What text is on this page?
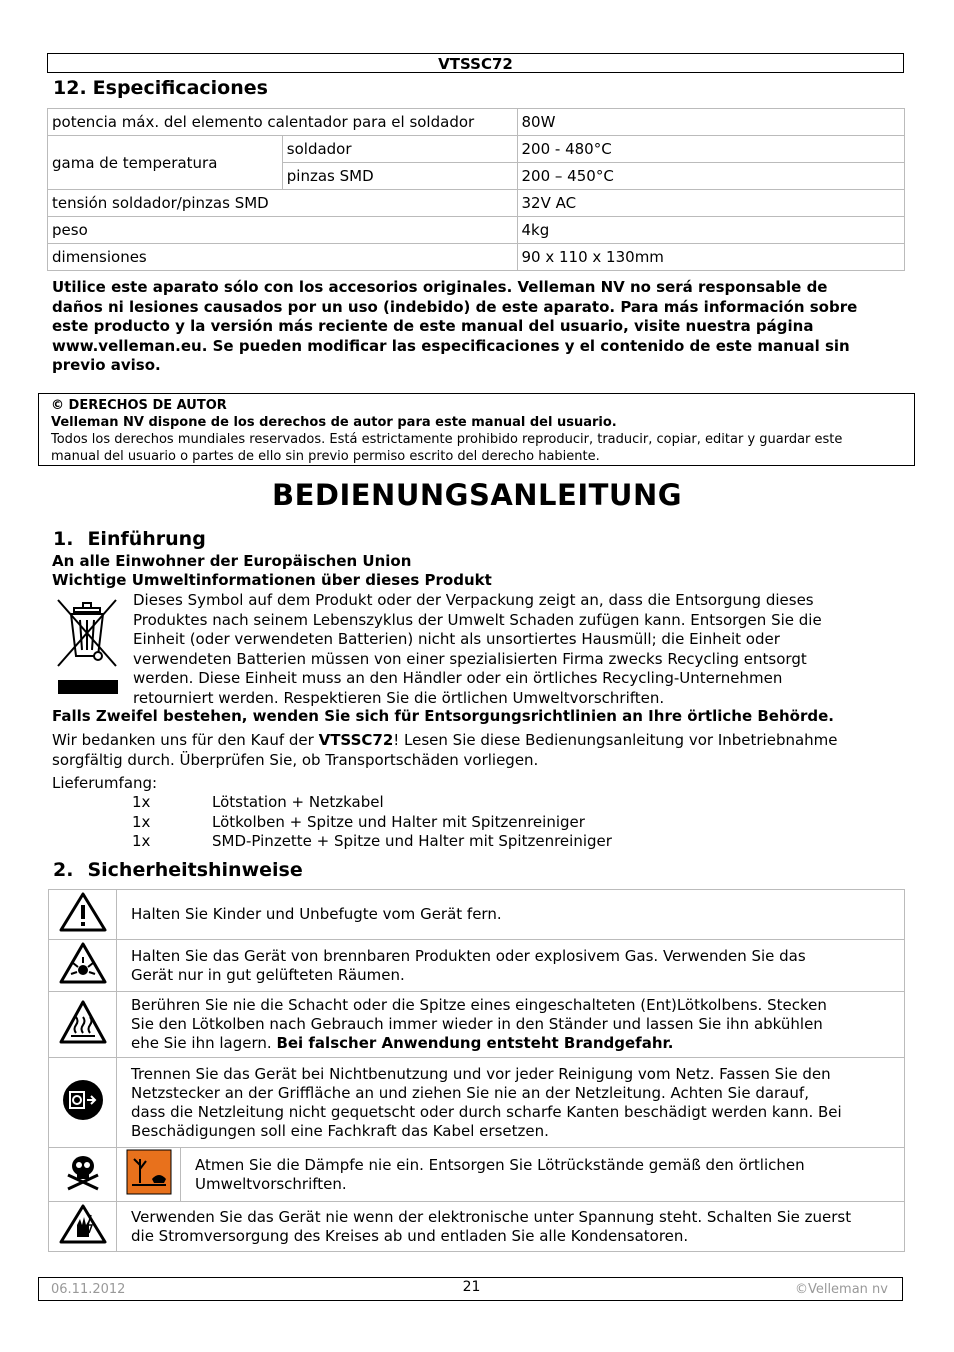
VTSSC72
12. Especificaciones
potencia máx. del elemento calentador para el soldador		80W
gama de temperatura	soldador	200 - 480°C
	pinzas SMD	200 – 450°C
tensión soldador/pinzas SMD		32V AC
peso		4kg
dimensiones		90 x 110 x 130mm
Utilice este aparato sólo con los accesorios originales. Velleman NV no será responsable de
daños ni lesiones causados por un uso (indebido) de este aparato. Para más información sobre
este producto y la versión más reciente de este manual del usuario, visite nuestra página
www.velleman.eu. Se pueden modificar las especificaciones y el contenido de este manual sin
previo aviso.
© DERECHOS DE AUTOR
Velleman NV dispone de los derechos de autor para este manual del usuario.
Todos los derechos mundiales reservados. Está estrictamente prohibido reproducir, traducir, copiar, editar y guardar este
manual del usuario o partes de ello sin previo permiso escrito del derecho habiente.
BEDIENUNGSANLEITUNG
1. Einführung
An alle Einwohner der Europäischen Union
Wichtige Umweltinformationen über dieses Produkt
Dieses Symbol auf dem Produkt oder der Verpackung zeigt an, dass die Entsorgung dieses
Produktes nach seinem Lebenszyklus der Umwelt Schaden zufügen kann. Entsorgen Sie die
Einheit (oder verwendeten Batterien) nicht als unsortiertes Hausmüll; die Einheit oder
verwendeten Batterien müssen von einer spezialisierten Firma zwecks Recycling entsorgt
werden. Diese Einheit muss an den Händler oder ein örtliches Recycling-Unternehmen
retourniert werden. Respektieren Sie die örtlichen Umweltvorschriften.
Falls Zweifel bestehen, wenden Sie sich für Entsorgungsrichtlinien an Ihre örtliche Behörde.
Wir bedanken uns für den Kauf der VTSSC72! Lesen Sie diese Bedienungsanleitung vor Inbetriebnahme
sorgfältig durch. Überprüfen Sie, ob Transportschäden vorliegen.
Lieferumfang:
1x	Lötstation + Netzkabel
1x	Lötkolben + Spitze und Halter mit Spitzenreiniger
1x	SMD-Pinzette + Spitze und Halter mit Spitzenreiniger
2. Sicherheitshinweise
	Halten Sie Kinder und Unbefugte vom Gerät fern.	

Halten Sie das Gerät von brennbaren Produkten oder explosivem Gas. Verwenden Sie das
Gerät nur in gut gelüfteten Räumen.	

Berühren Sie nie die Schacht oder die Spitze eines eingeschalteten (Ent)Lötkolbens. Stecken
Sie den Lötkolben nach Gebrauch immer wieder in den Ständer und lassen Sie ihn abkühlen
ehe Sie ihn lagern. Bei falscher Anwendung entsteht Brandgefahr.	

Trennen Sie das Gerät bei Nichtbenutzung und vor jeder Reinigung vom Netz. Fassen Sie den
Netzstecker an der Griffläche an und ziehen Sie nie an der Netzleitung. Achten Sie darauf,
dass die Netzleitung nicht gequetscht oder durch scharfe Kanten beschädigt werden kann. Bei
Beschädigungen soll eine Fachkraft das Kabel ersetzen.	

Atmen Sie die Dämpfe nie ein. Entsorgen Sie Lötrückstände gemäß den örtlichen
Umweltvorschriften.

Verwenden Sie das Gerät nie wenn der elektronische unter Spannung steht. Schalten Sie zuerst
die Stromversorgung des Kreises ab und entladen Sie alle Kondensatoren.	
06.11.2012	21	©Velleman nv
